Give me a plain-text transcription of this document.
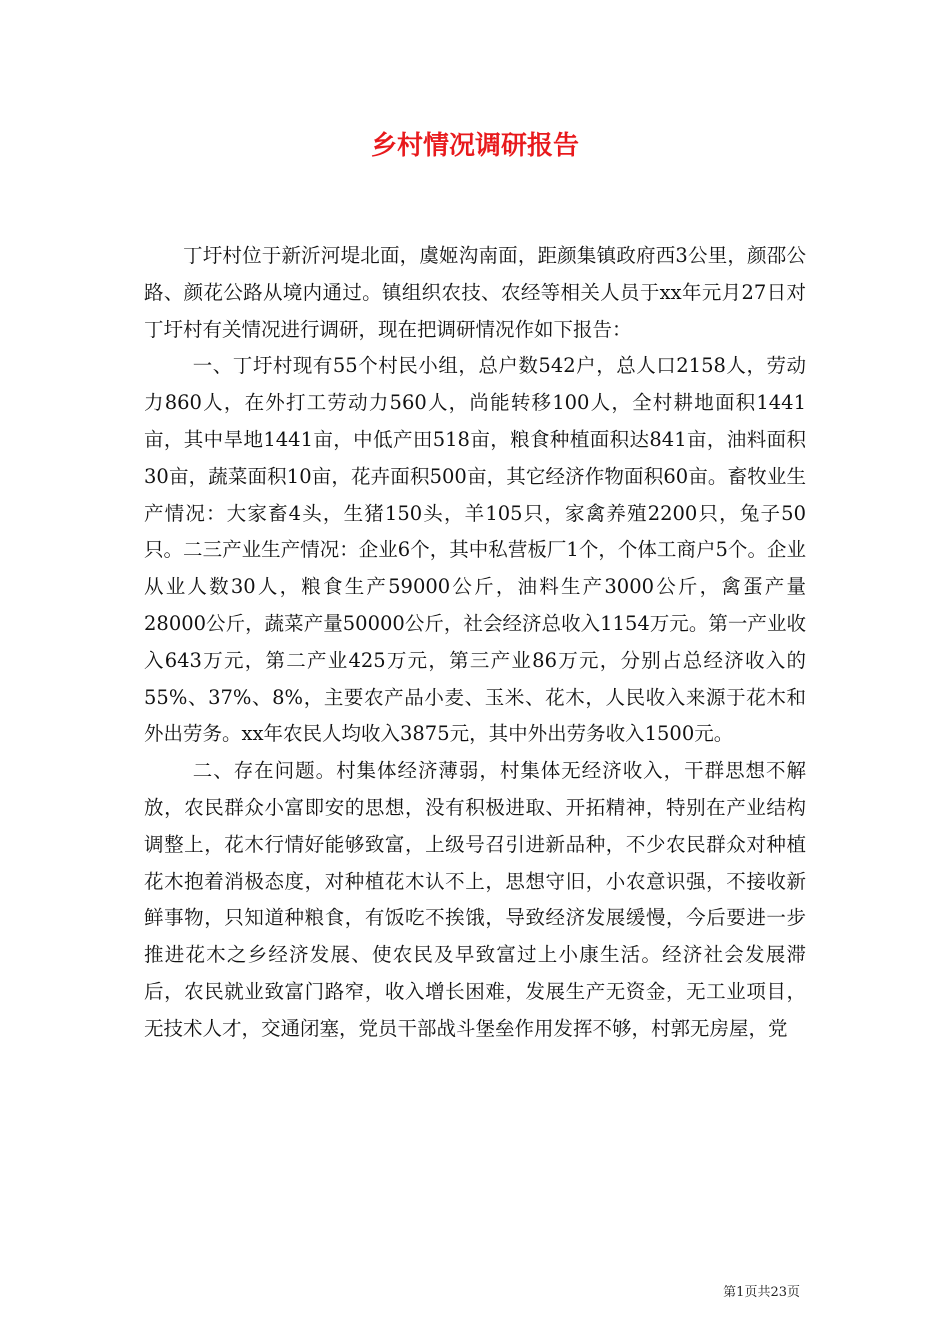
乡村情况调研报告

丁圩村位于新沂河堤北面，虞姬沟南面，距颜集镇政府西3公里，颜邵公路、颜花公路从境内通过。镇组织农技、农经等相关人员于xx年元月27日对丁圩村有关情况进行调研，现在把调研情况作如下报告：

一、丁圩村现有55个村民小组，总户数542户，总人口2158人，劳动力860人，在外打工劳动力560人，尚能转移100人，全村耕地面积1441亩，其中旱地1441亩，中低产田518亩，粮食种植面积达841亩，油料面积30亩，蔬菜面积10亩，花卉面积500亩，其它经济作物面积60亩。畜牧业生产情况：大家畜4头，生猪150头，羊105只，家禽养殖2200只，兔子50只。二三产业生产情况：企业6个，其中私营板厂1个，个体工商户5个。企业从业人数30人，粮食生产59000公斤，油料生产3000公斤，禽蛋产量28000公斤，蔬菜产量50000公斤，社会经济总收入1154万元。第一产业收入643万元，第二产业425万元，第三产业86万元，分别占总经济收入的55%、37%、8%，主要农产品小麦、玉米、花木，人民收入来源于花木和外出劳务。xx年农民人均收入3875元，其中外出劳务收入1500元。

二、存在问题。村集体经济薄弱，村集体无经济收入，干群思想不解放，农民群众小富即安的思想，没有积极进取、开拓精神，特别在产业结构调整上，花木行情好能够致富，上级号召引进新品种，不少农民群众对种植花木抱着消极态度，对种植花木认不上，思想守旧，小农意识强，不接收新鲜事物，只知道种粮食，有饭吃不挨饿，导致经济发展缓慢，今后要进一步推进花木之乡经济发展、使农民及早致富过上小康生活。经济社会发展滞后，农民就业致富门路窄，收入增长困难，发展生产无资金，无工业项目，无技术人才，交通闭塞，党员干部战斗堡垒作用发挥不够，村郭无房屋，党

第1页共23页
